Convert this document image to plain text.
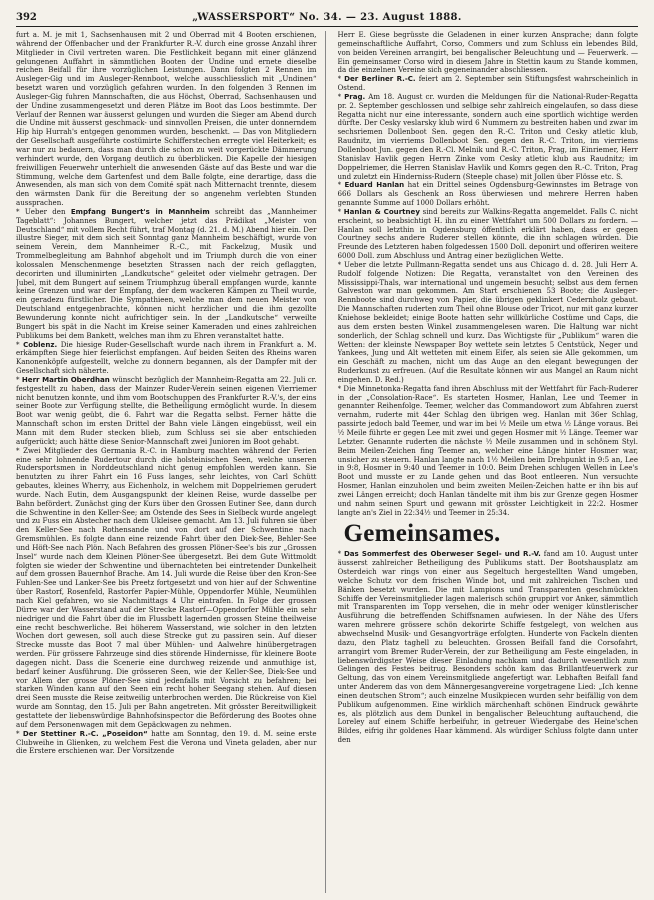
392	„WASSERSPORT“ No. 34. — 23. August 1888.

furt a. M. je mit 1, Sachsenhausen mit 2 und Oberrad mit 4 Booten erschienen, während der Offenbacher und der Frankfurter R.-V. durch eine grosse Anzahl ihrer Mitglieder in Civil vertreten waren. Die Festlichkeit begann mit einer glänzend gelungenen Auffahrt in sämmtlichen Booten der Undine und ernete dieselbe reichen Beifall für ihre vorzüglichen Leistungen. Dann folgten 2 Rennen im Ausleger-Gig und im Ausleger-Rennboot, welche ausschliesslich mit „Undinen“ besetzt waren und vorzüglich gefahren wurden. In den folgenden 3 Rennen im Ausleger-Gig fuhren Mannschaften, die aus Höchst, Oberrad, Sachsenhausen und der Undine zusammengesetzt und deren Plätze im Boot das Loos bestimmte. Der Verlauf der Rennen war äusserst gelungen und wurden die Sieger am Abend durch die Undine mit äusserst geschmack- und sinnvollen Preisen, die unter donnerndem Hip hip Hurrah's entgegen genommen wurden, beschenkt. — Das von Mitgliedern der Gesellschaft ausgeführte costümirte Schifferstechen erregte viel Heiterkeit; es war nur zu bedauern, dass man durch die schon zu weit vorgerückte Dämmerung verhindert wurde, den Vorgang deutlich zu überblicken. Die Kapelle der hiesigen freiwilligen Feuerwehr unterhielt die anwesenden Gäste auf das Beste und war die Stimmung, welche dem Gartenfest und dem Balle folgte, eine derartige, dass die Anwesenden, als man sich von dem Comité spät nach Mitternacht trennte, diesem den wärmsten Dank für die Bereitung der so angenehm verlebten Stunden aussprachen.

* Ueber den Empfang Bungert's in Mannheim schreibt das „Mannheimer Tageblatt“: Johannes Bungert, welcher jetzt das Prädikat „Meister von Deutschland“ mit vollem Recht führt, traf Montag (d. 21. d. M.) Abend hier ein. Der illustre Sieger, mit dem sich seit Sonntag ganz Mannheim beschäftigt, wurde von seinem Verein, dem Mannheimer R.-C., mit Fackelzug, Musik und Trommelbegleitung am Bahnhof abgeholt und im Triumph durch die von einer kolossalen Menschenmenge besetzten Strassen nach der reich geflaggten, decorirten und illuminirten „Landkutsche“ geleitet oder vielmehr getragen. Der Jubel, mit dem Bungert auf seinem Triumphzug überall empfangen wurde, kannte keine Grenzen und war der Empfang, der dem wackeren Kämpen zu Theil wurde, ein geradezu fürstlicher. Die Sympathieen, welche man dem neuen Meister von Deutschland entgegenbrachte, können nicht herzlicher und die ihm gezollte Bewunderung konnte nicht aufrichtiger sein. In der „Landkutsche“ verweilte Bungert bis spät in die Nacht im Kreise seiner Kameraden und eines zahlreichen Publikums bei dem Bankett, welches man ihm zu Ehren veranstaltet hatte.

* Coblenz. Die hiesige Ruder-Gesellschaft wurde nach ihrem in Frankfurt a. M. erkämpften Siege hier feierlichst empfangen. Auf beiden Seiten des Rheins waren Kanonenköpfe aufgestellt, welche zu donnern begannen, als der Dampfer mit der Gesellschaft sich näherte.

* Herr Martin Oberdhan wünscht bezüglich der Mannheim-Regatta am 22. Juli cr. festgestellt zu haben, dass der Mainzer Ruder-Verein seinen eigenen Vierriemer nicht benutzen konnte, und ihm vom Bootschuppen des Frankfurter R.-V.'s, der eins seiner Boote zur Verfügung stellte, die Betheiligung ermöglicht wurde. In diesem Boot war wenig geübt, die 6. Fahrt war die Regatta selbst. Ferner hätte die Mannschaft schon im ersten Drittel der Bahn viele Längen eingebüsst, weil ein Mann mit dem Ruder stecken blieb, zum Schluss sei sie aber entschieden aufgerückt; auch hätte diese Senior-Mannschaft zwei Junioren im Boot gehabt.

* Zwei Mitglieder des Germania R.-C. in Hamburg machten während der Ferien eine sehr lohnende Rudertour durch die holsteinischen Seen, welche unseren Rudersportsmen in Norddeutschland nicht genug empfohlen werden kann. Sie benutzten zu ihrer Fahrt ein 16 Fuss langes, sehr leichtes, von Carl Schütt gebautes, kleines Wherry, aus Eichenholz, in welchem mit Doppelriemen gerudert wurde. Nach Eutin, dem Ausgangspunkt der kleinen Reise, wurde dasselbe per Bahn befördert. Zunächst ging der Kurs über den Grossen Eutiner See, dann durch die Schwentine in den Keller-See; am Ostende des Sees in Sielbeck wurde angelegt und zu Fuss ein Abstecher nach dem Ukleisee gemacht. Am 13. Juli fuhren sie über den Keller-See nach Rothensande und von dort auf der Schwentine nach Gremsmühlen. Es folgte dann eine reizende Fahrt über den Diek-See, Behler-See und Höft-See nach Plön. Nach Befahren des grossen Plöner-See's bis zur „Grossen Insel“ wurde nach dem Kleinen Plöner-See übergesetzt. Bei dem Gute Wittmoldt folgten sie wieder der Schwentine und übernachteten bei eintretender Dunkelheit auf dem grossen Bauernhof Brache. Am 14. Juli wurde die Reise über den Kron-See Fuhlen-See und Lanker-See bis Preetz fortgesetzt und von hier auf der Schwentine über Rastorf, Rosenfeld, Rastorfer Papier-Mühle, Oppendorfer Mühle, Neumühlen nach Kiel gefahren, wo sie Nachmittags 4 Uhr eintrafen. In Folge der grossen Dürre war der Wasserstand auf der Strecke Rastorf—Oppendorfer Mühle ein sehr niedriger und die Fahrt über die im Flussbett lagernden grossen Steine theilweise eine recht beschwerliche. Bei höherem Wasserstand, wie solcher in den letzten Wochen dort gewesen, soll auch diese Strecke gut zu passiren sein. Auf dieser Strecke musste das Boot 7 mal über Mühlen- und Aalwehre hinübergetragen werden. Für grössere Fahrzeuge sind dies störende Hindernisse, für kleinere Boote dagegen nicht. Dass die Scenerie eine durchweg reizende und anmuthige ist, bedarf keiner Ausführung. Die grösseren Seen, wie der Keller-See, Diek-See und vor Allem der grosse Plöner-See sind jedenfalls mit Vorsicht zu befahren; bei starken Winden kann auf den Seen ein recht hoher Seegang stehen. Auf diesen drei Seen musste die Reise zeitweilig unterbrochen werden. Die Rückreise von Kiel wurde am Sonntag, den 15. Juli per Bahn angetreten. Mit grösster Bereitwilligkeit gestattete der liebenswürdige Bahnhofsinspector die Beförderung des Bootes ohne auf dem Personenwagen mit dem Gepäckwagen zu nehmen.

* Der Stettiner R.-C. „Poseidon“ hatte am Sonntag, den 19. d. M. seine erste Clubweihe in Glienken, zu welchem Fest die Verona und Vineta geladen, aber nur die Erstere erschienen war. Der Vorsitzende

Herr E. Giese begrüsste die Geladenen in einer kurzen Ansprache; dann folgte gemeinschaftliche Auffahrt, Corso, Commers und zum Schluss ein lebendes Bild, von beiden Vereinen arrangirt, bei bengalischer Beleuchtung und — Feuerwerk. — Ein gemeinsamer Corso wird in diesem Jahre in Stettin kaum zu Stande kommen, da die einzelnen Vereine sich gegeneinander abschliessen.

* Der Berliner R.-C. feiert am 2. September sein Stiftungsfest wahrscheinlich in Ostend.

* Prag. Am 18. August cr. wurden die Meldungen für die National-Ruder-Regatta pr. 2. September geschlossen und selbige sehr zahlreich eingelaufen, so dass diese Regatta nicht nur eine interessante, sondern auch eine sportlich wichtige werden dürfte. Der Cesky veslarsky klub wird 6 Nummern zu bestreiten haben und zwar im sechsriemen Dollenboot Sen. gegen den R.-C. Triton und Cesky atletic klub, Raudnitz, im vierriems Dollenboot Sen. gegen den R.-C. Triton, im vierriems Dollenboot Jun. gegen den R.-Cl. Melnik und R.-C. Triton, Prag, im Einriemer, Herr Stanislav Havlik gegen Herrn Zinke vom Cesky atletic klub aus Raudnitz; im Doppelriemer, die Herren Stanislav Havlik und Komrs gegen den R.-C. Triton, Prag und zuletzt ein Hinderniss-Rudern (Steeple chase) mit Jollen über Flösse etc. S.

* Eduard Hanlan hat ein Drittel seines Ogdensburg-Gewinnstes im Betrage von 666 Dollars als Geschenk an Ross überwiesen und mehrere Herren haben genannte Summe auf 1000 Dollars erhöht.

* Hanlan & Courtney sind bereits zur Walkins-Regatta angemeldet. Falls C. nicht erscheint, so beabsichtigt H. ihn zu einer Wettfahrt um 500 Dollars zu fordern. — Hanlan soll letzthin in Ogdensburg öffentlich erklärt haben, dass er gegen Courtney sechs andere Ruderer stellen könnte, die ihn schlagen würden. Die Freunde des Letzteren haben folgedessen 1500 Doll. deponirt und offeriren weitere 6000 Doll. zum Abschluss und Antrag einer bezüglichen Wette.

* Ueber die letzte Pullmann-Regatta sendet uns aus Chicago d. d. 28. Juli Herr A. Rudolf folgende Notizen: Die Regatta, veranstaltet von den Vereinen des Mississippi-Thals, war international und ungemein besucht; selbst aus dem fernen Galveston war man gekommen. Am Start erschienen 53 Boote; die Ausleger-Rennboote sind durchweg von Papier, die übrigen geklinkert Cedernholz gebaut. Die Mannschaften ruderten zum Theil ohne Blouse oder Tricot, nur mit ganz kurzer Kniehose bekleidet; einige Boote hatten sehr willkürliche Costüme und Caps, die aus dem ersten besten Winkel zusammengelesen waren. Die Haltung war nicht sonderlich, der Schlag schnell und kurz. Das Wichtigste für „Publikum“ waren die Wetten: der kleinste Newspaper Boy wettete sein letztes 5 Centstück, Neger und Yankees, Jung und Alt wetteten mit einem Eifer, als seien sie Alle gekommen, um ein Geschäft zu machen, nicht um das Auge an den elegant bewegungen der Ruderkunst zu erfreuen. (Auf die Resultate können wir aus Mangel an Raum nicht eingehen. D. Red.)

* Die Minnetonka-Regatta fand ihren Abschluss mit der Wettfahrt für Fach-Ruderer in der „Consolation-Race“. Es starteten Hosmer, Hanlan, Lee und Teemer in genannter Reihenfolge. Teemer, welcher das Commandowort zum Abfahren zuerst vernahm, ruderte mit 44er Schlag den übrigen weg. Hanlan mit 36er Schlag, passirte jedoch bald Teemer, und war im bei ½ Meile um etwa ½ Länge voraus. Bei ½ Meile führte er gegen Lee mit zwei und gegen Hosmer mit ½ Länge. Teemer war Letzter. Genannte ruderten die nächste ½ Meile zusammen und in schönem Styl. Beim Meilen-Zeichen fing Teemer an, welcher eine Länge hinter Hosmer war, unsicher zu steuern. Hanlan langte nach 1½ Meilen beim Drehpunkt in 9:5 an, Lee in 9:8, Hosmer in 9:40 und Teemer in 10:0. Beim Drehen schlugen Wellen in Lee's Boot und musste er zu Lande gehen und das Boot entleeren. Nun versuchte Hosmer, Hanlan einzuholen und beim zweiten Meilen-Zeichen hatte er ihn bis auf zwei Längen erreicht; doch Hanlan tändelte mit ihm bis zur Grenze gegen Hosmer und nahm seinen Spurt und gewann mit grösster Leichtigkeit in 22:2. Hosmer langte an's Ziel in 22:34½ und Teemer in 25:34.

Gemeinsames.

* Das Sommerfest des Oberweser Segel- und R.-V. fand am 10. August unter äusserst zahlreicher Betheiligung des Publikums statt. Der Bootshausplatz am Osterdeich war rings von einer aus Segeltuch hergestellten Wand umgeben, welche Schutz vor dem frischen Winde bot, und mit zahlreichen Tischen und Bänken besetzt wurden. Die mit Lampions und Transparenten geschmückten Schiffe der Vereinsmitglieder lagen malerisch schön gruppirt vor Anker, sämmtlich mit Transparenten im Topp versehen, die in mehr oder weniger künstlerischer Ausführung die betreffenden Schiffsnamen aufwiesen. In der Nähe des Ufers waren mehrere grössere schön dekorirte Schiffe festgelegt, von welchen aus abwechselnd Musik- und Gesangvorträge erfolgten. Hunderte von Fackeln dienten dazu, den Platz taghell zu beleuchten. Grossen Beifall fand die Corsofahrt, arrangirt vom Bremer Ruder-Verein, der zur Betheiligung am Feste eingeladen, in liebenswürdigster Weise dieser Einladung nachkam und dadurch wesentlich zum Gelingen des Festes beitrug. Besonders schön kam das Brillantfeuerwerk zur Geltung, das von einem Vereinsmitgliede angefertigt war. Lebhaften Beifall fand unter Anderem das von dem Männergesangvereine vorgetragene Lied: „Ich kenne einen deutschen Strom“; auch einzelne Musikpiecen wurden sehr beifällig von dem Publikum aufgenommen. Eine wirklich märchenhaft schönen Eindruck gewährte es, als plötzlich aus dem Dunkel in bengalischer Beleuchtung auftauchend, die Loreley auf einem Schiffe herbeifuhr, in getreuer Wiedergabe des Heine'schen Bildes, eifrig ihr goldenes Haar kämmend. Als würdiger Schluss folgte dann unter den
